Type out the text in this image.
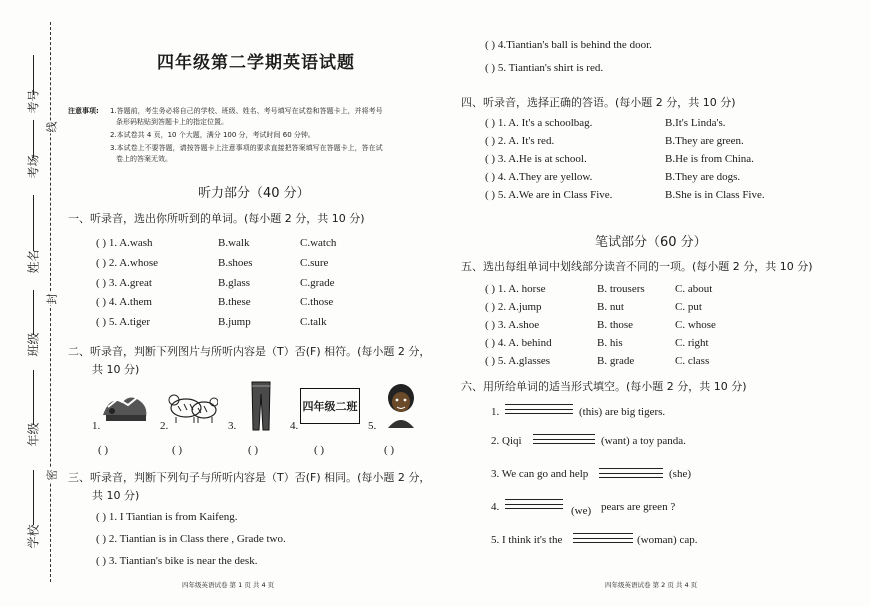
考号
考场
姓名
班级
年级
学校
线
封
密
四年级第二学期英语试题
注意事项: 1.答题前，考生务必将自己的学校、班级、姓名、考号填写在试卷和答题卡上，并将考号
条形码粘贴到答题卡上的指定位置。
2.本试卷共 4 页，10 个大题，满分 100 分，考试时间 60 分钟。
3.本试卷上不要答题，请按答题卡上注意事项的要求直接把答案填写在答题卡上，答在试
卷上的答案无效。
听力部分（40 分）
一、听录音，选出你所听到的单词。(每小题 2 分，共 10 分)
( ) 1. A.wash	B.walk	C.watch
( ) 2. A.whose	B.shoes	C.sure
( ) 3. A.great	B.glass	C.grade
( ) 4. A.them	B.these	C.those
( ) 5. A.tiger	B.jump	C.talk
二、听录音，判断下列图片与所听内容是（T）否(F) 相符。(每小题 2 分，
共 10 分)
1.	2.	3.	4.
四年级二班
5.
( )	( )	( )	( )	( )
三、听录音，判断下列句子与所听内容是（T）否(F) 相同。(每小题 2 分，
共 10 分)
( ) 1. I Tiantian is from Kaifeng.
( ) 2. Tiantian is in Class there , Grade two.
( ) 3. Tiantian's bike is near the desk.
四年级英语试卷 第 1 页 共 4 页
( ) 4.Tiantian's ball is behind the door.
( ) 5. Tiantian's shirt is red.
四、听录音，选择正确的答语。(每小题 2 分，共 10 分)
( ) 1. A. It's a schoolbag.	B.It's Linda's.
( ) 2. A. It's red.	B.They are green.
( ) 3. A.He is at school.	B.He is from China.
( ) 4. A.They are yellow.	B.They are dogs.
( ) 5. A.We are in Class Five.	B.She is in Class Five.
笔试部分（60 分）
五、选出每组单词中划线部分读音不同的一项。(每小题 2 分，共 10 分)
( ) 1. A. horse	B. trousers	C. about
( ) 2. A.jump	B. nut	C. put
( ) 3. A.shoe	B. those	C. whose
( ) 4. A. behind	B. his	C. right
( ) 5. A.glasses	B. grade	C. class
六、用所给单词的适当形式填空。(每小题 2 分，共 10 分)
1.	(this) are big tigers.
2. Qiqi	(want) a toy panda.
3. We can go and help	(she)
4.	(we) pears are green ?
5. I think it's the	(woman) cap.
四年级英语试卷 第 2 页 共 4 页
